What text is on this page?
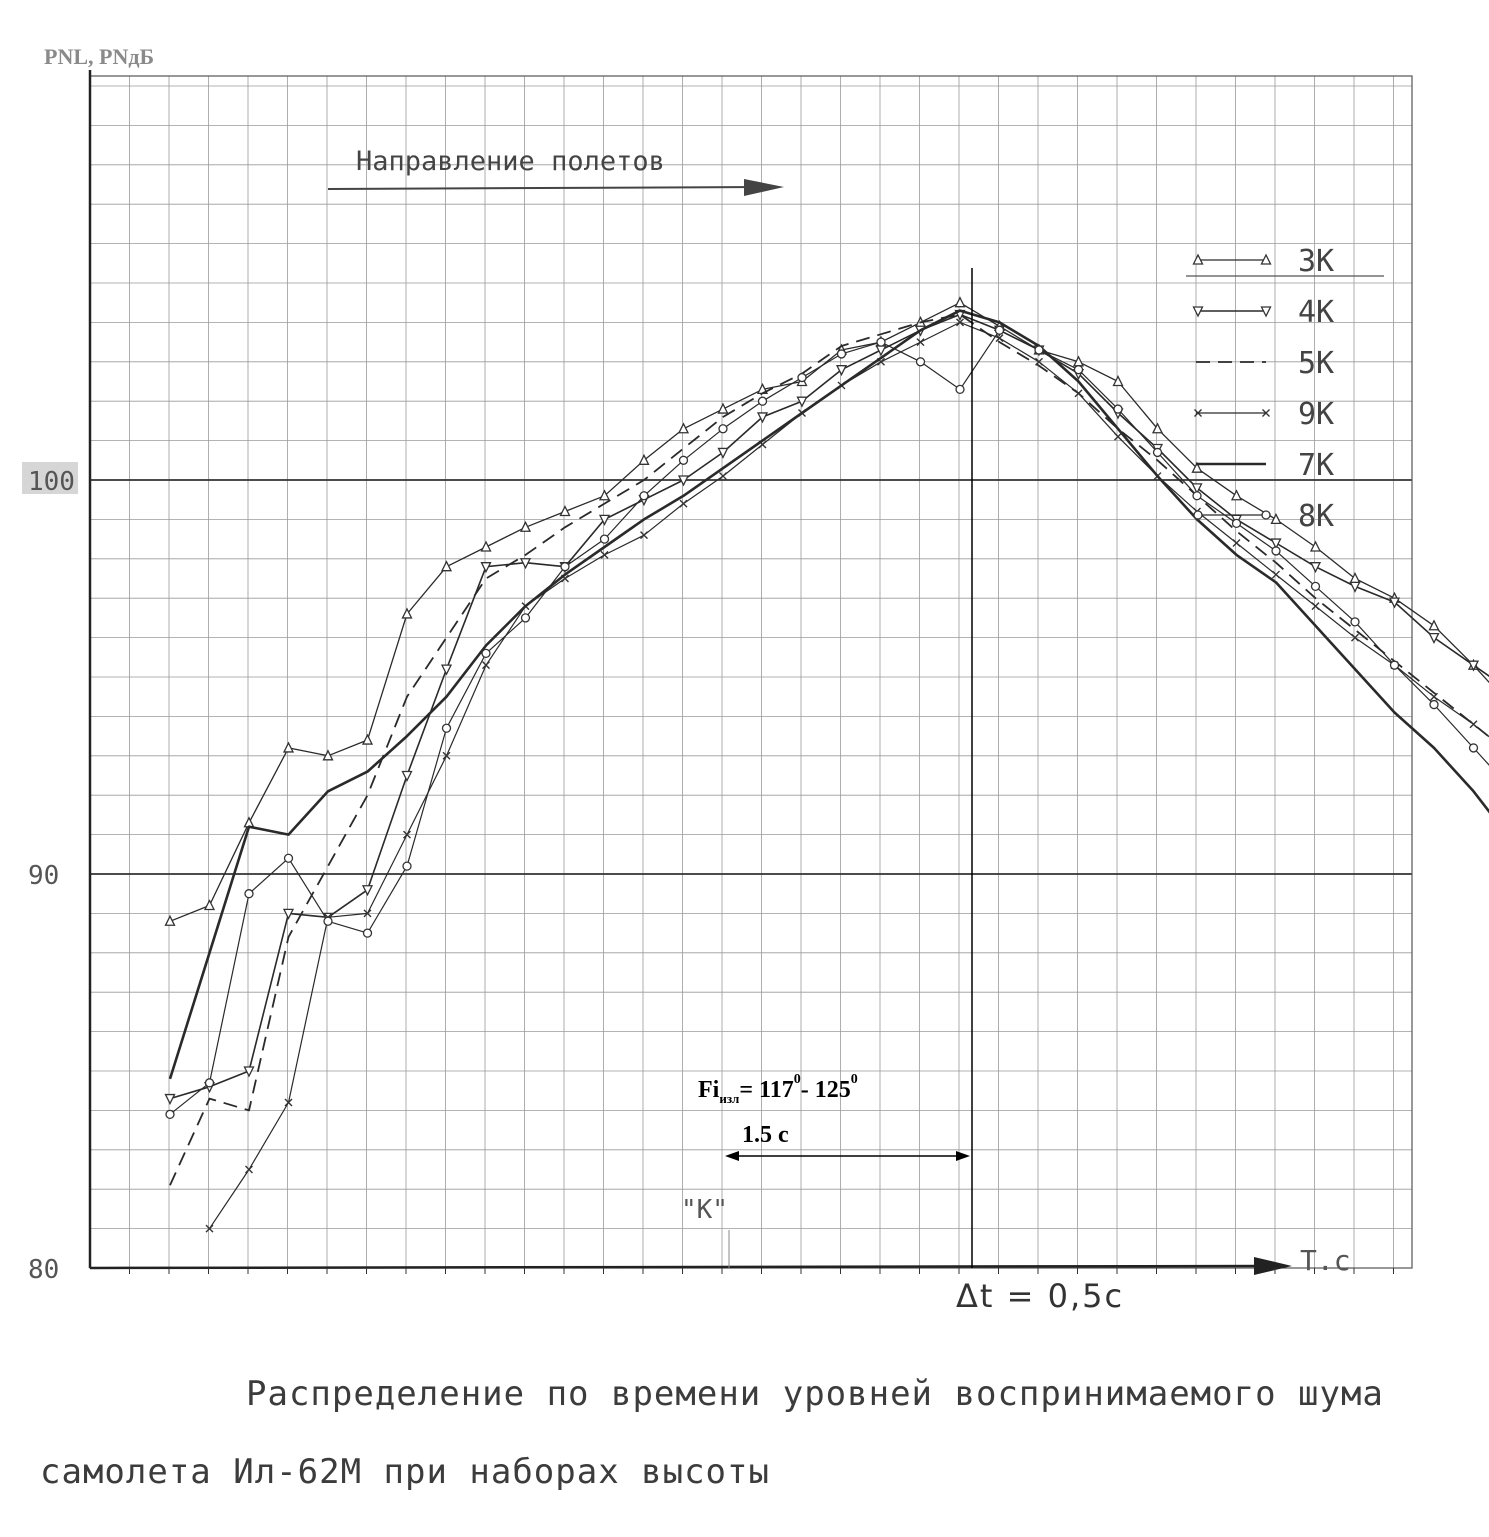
80
90
100
3К
4К
5К
9К
7К
8К
PNL, PNдБ
Т.с
Направление полетов
"К"
$Fi_{изл}= 117^0-$ $125^0$
1.5 с
Δt = 0,5с
Распределение по времени уровней воспринимаемого шума
самолета Ил-62М при наборах высоты
